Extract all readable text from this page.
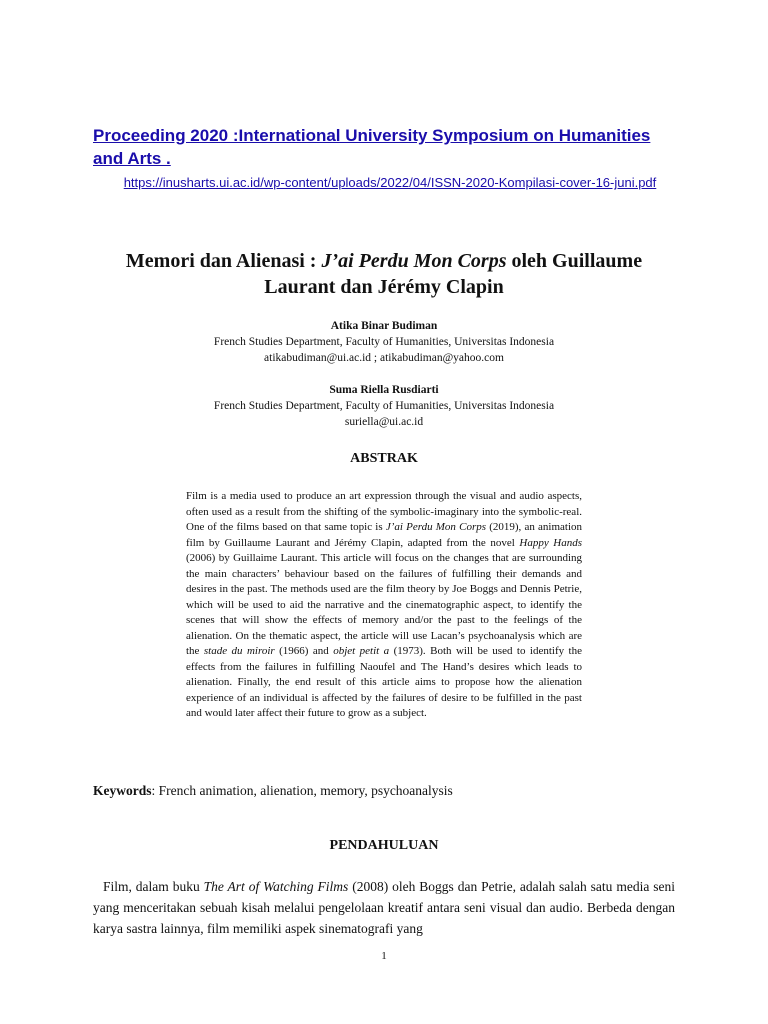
Proceeding 2020 :International University Symposium on Humanities and Arts .
https://inusharts.ui.ac.id/wp-content/uploads/2022/04/ISSN-2020-Kompilasi-cover-16-juni.pdf
Memori dan Alienasi : J’ai Perdu Mon Corps oleh Guillaume Laurant dan Jérémy Clapin
Atika Binar Budiman
French Studies Department, Faculty of Humanities, Universitas Indonesia
atikabudiman@ui.ac.id ; atikabudiman@yahoo.com
Suma Riella Rusdiarti
French Studies Department, Faculty of Humanities, Universitas Indonesia
suriella@ui.ac.id
ABSTRAK
Film is a media used to produce an art expression through the visual and audio aspects, often used as a result from the shifting of the symbolic-imaginary into the symbolic-real. One of the films based on that same topic is J’ai Perdu Mon Corps (2019), an animation film by Guillaume Laurant and Jérémy Clapin, adapted from the novel Happy Hands (2006) by Guillaime Laurant. This article will focus on the changes that are surrounding the main characters’ behaviour based on the failures of fulfilling their demands and desires in the past. The methods used are the film theory by Joe Boggs and Dennis Petrie, which will be used to aid the narrative and the cinematographic aspect, to identify the scenes that will show the effects of memory and/or the past to the feelings of the alienation. On the thematic aspect, the article will use Lacan’s psychoanalysis which are the stade du miroir (1966) and objet petit a (1973). Both will be used to identify the effects from the failures in fulfilling Naoufel and The Hand’s desires which leads to alienation. Finally, the end result of this article aims to propose how the alienation experience of an individual is affected by the failures of desire to be fulfilled in the past and would later affect their future to grow as a subject.
Keywords: French animation, alienation, memory, psychoanalysis
PENDAHULUAN
Film, dalam buku The Art of Watching Films (2008) oleh Boggs dan Petrie, adalah salah satu media seni yang menceritakan sebuah kisah melalui pengelolaan kreatif antara seni visual dan audio. Berbeda dengan karya sastra lainnya, film memiliki aspek sinematografi yang
1
